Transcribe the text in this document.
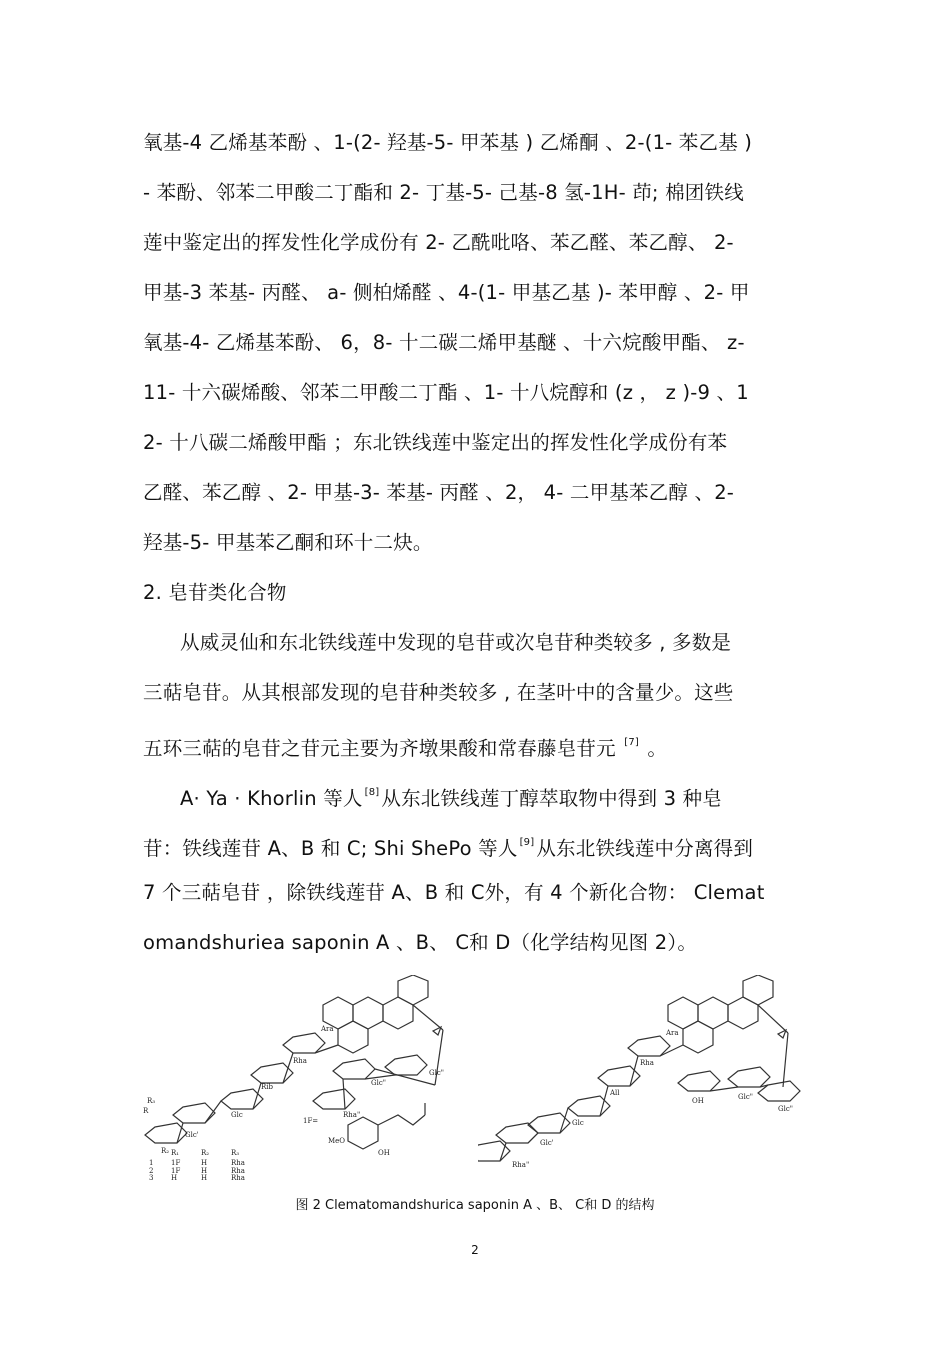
氧基-4 乙烯基苯酚 、1-(2- 羟基-5- 甲苯基 ) 乙烯酮 、2-(1- 苯乙基 )
- 苯酚、邻苯二甲酸二丁酯和 2- 丁基-5- 己基-8 氢-1H- 茚; 棉团铁线
莲中鉴定出的挥发性化学成份有 2- 乙酰吡咯、苯乙醛、苯乙醇、 2-
甲基-3 苯基- 丙醛、 a- 侧柏烯醛 、4-(1- 甲基乙基 )- 苯甲醇 、2- 甲
氧基-4- 乙烯基苯酚、 6，8- 十二碳二烯甲基醚 、十六烷酸甲酯、 z-
11- 十六碳烯酸、邻苯二甲酸二丁酯 、1- 十八烷醇和 (z ， z )-9 、1
2- 十八碳二烯酸甲酯 ；东北铁线莲中鉴定出的挥发性化学成份有苯
乙醛、苯乙醇 、2- 甲基-3- 苯基- 丙醛 、2， 4- 二甲基苯乙醇 、2-
羟基-5- 甲基苯乙酮和环十二炔。
2. 皂苷类化合物
从威灵仙和东北铁线莲中发现的皂苷或次皂苷种类较多 , 多数是
三萜皂苷。从其根部发现的皂苷种类较多 , 在茎叶中的含量少。这些
五环三萜的皂苷之苷元主要为齐墩果酸和常春藤皂苷元 [7] 。
A· Ya · Khorlin 等人 [8] 从东北铁线莲丁醇萃取物中得到 3 种皂
苷：铁线莲苷 A、B 和 C; Shi ShePo 等人 [9] 从东北铁线莲中分离得到
7 个三萜皂苷 ，除铁线莲苷 A、B 和 C外，有 4 个新化合物： Clemat
omandshuriea saponin A 、B、 C和 D（化学结构见图 2）。
Ara
Rha
Rib
Glc
Glc'
Glc"
Rha"
Glc"
OH
MeO
R
R₂
R₃
1F=
R₁	R₂	R₃
1	1F	H	Rha
2	1F	H	Rha
3	H	H	Rha
Ara
Rha
All
Glc
Glc'
Rha"
Glc"
Glc"
OH
图 2 Clematomandshurica saponin A 、B、 C和 D 的结构
2
